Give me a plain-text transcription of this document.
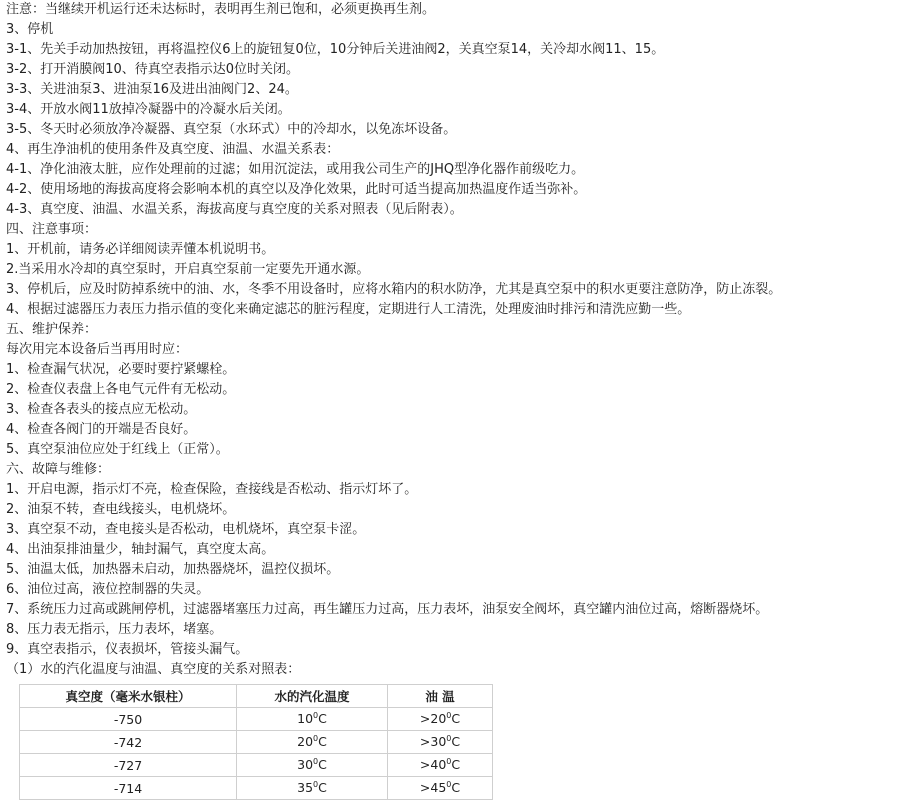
注意：当继续开机运行还未达标时，表明再生剂已饱和，必须更换再生剂。
3、停机
3-1、先关手动加热按钮，再将温控仪6上的旋钮复0位，10分钟后关进油阀2，关真空泵14，关冷却水阀11、15。
3-2、打开消膜阀10、待真空表指示达0位时关闭。
3-3、关进油泵3、进油泵16及进出油阀门2、24。
3-4、开放水阀11放掉冷凝器中的冷凝水后关闭。
3-5、冬天时必须放净冷凝器、真空泵（水环式）中的冷却水，以免冻坏设备。
4、再生净油机的使用条件及真空度、油温、水温关系表：
4-1、净化油液太脏，应作处理前的过滤；如用沉淀法，或用我公司生产的JHQ型净化器作前级吃力。
4-2、使用场地的海拔高度将会影响本机的真空以及净化效果，此时可适当提高加热温度作适当弥补。
4-3、真空度、油温、水温关系，海拔高度与真空度的关系对照表（见后附表）。
四、注意事项：
1、开机前，请务必详细阅读弄懂本机说明书。
2.当采用水冷却的真空泵时，开启真空泵前一定要先开通水源。
3、停机后，应及时防掉系统中的油、水，冬季不用设备时，应将水箱内的积水防净，尤其是真空泵中的积水更要注意防净，防止冻裂。
4、根据过滤器压力表压力指示值的变化来确定滤芯的脏污程度，定期进行人工清洗，处理废油时排污和清洗应勤一些。
五、维护保养：
每次用完本设备后当再用时应：
1、检查漏气状况，必要时要拧紧螺栓。
2、检查仪表盘上各电气元件有无松动。
3、检查各表头的接点应无松动。
4、检查各阀门的开端是否良好。
5、真空泵油位应处于红线上（正常）。
六、故障与维修：
1、开启电源，指示灯不亮，检查保险，查接线是否松动、指示灯坏了。
2、油泵不转，查电线接头，电机烧坏。
3、真空泵不动，查电接头是否松动，电机烧坏，真空泵卡涩。
4、出油泵排油量少，轴封漏气，真空度太高。
5、油温太低，加热器未启动，加热器烧坏，温控仪损坏。
6、油位过高，液位控制器的失灵。
7、系统压力过高或跳闸停机，过滤器堵塞压力过高，再生罐压力过高，压力表坏，油泵安全阀坏，真空罐内油位过高，熔断器烧坏。
8、压力表无指示，压力表坏，堵塞。
9、真空表指示，仪表损坏，管接头漏气。
（1）水的汽化温度与油温、真空度的关系对照表：
真空度（毫米水银柱）	水的汽化温度	油 温
-750	$10^0C$	$>20^0C$
-742	$20^0C$	$>30^0C$
-727	$30^0C$	$>40^0C$
-714	$35^0C$	$>45^0C$
